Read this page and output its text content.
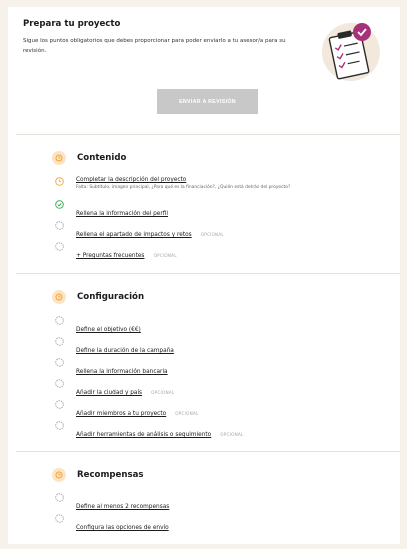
Prepara tu proyecto
Sigue los puntos obligatorios que debes proporcionar para poder enviarlo a tu asesor/a para su revisión.
ENVIAR A REVISIÓN
Contenido
Completar la descripción del proyecto
Falta: Subtítulo, imagen principal, ¿Para qué es la financiación?, ¿Quién está detrás del proyecto?
Rellena la información del perfil
Rellena el apartado de impactos y retos OPCIONAL
+ Preguntas frecuentes OPCIONAL
Configuración
Define el objetivo (€€)
Define la duración de la campaña
Rellena la información bancaria
Añadir la ciudad y país OPCIONAL
Añadir miembros a tu proyecto OPCIONAL
Añadir herramientas de análisis o seguimiento OPCIONAL
Recompensas
Define al menos 2 recompensas
Configura las opciones de envío
